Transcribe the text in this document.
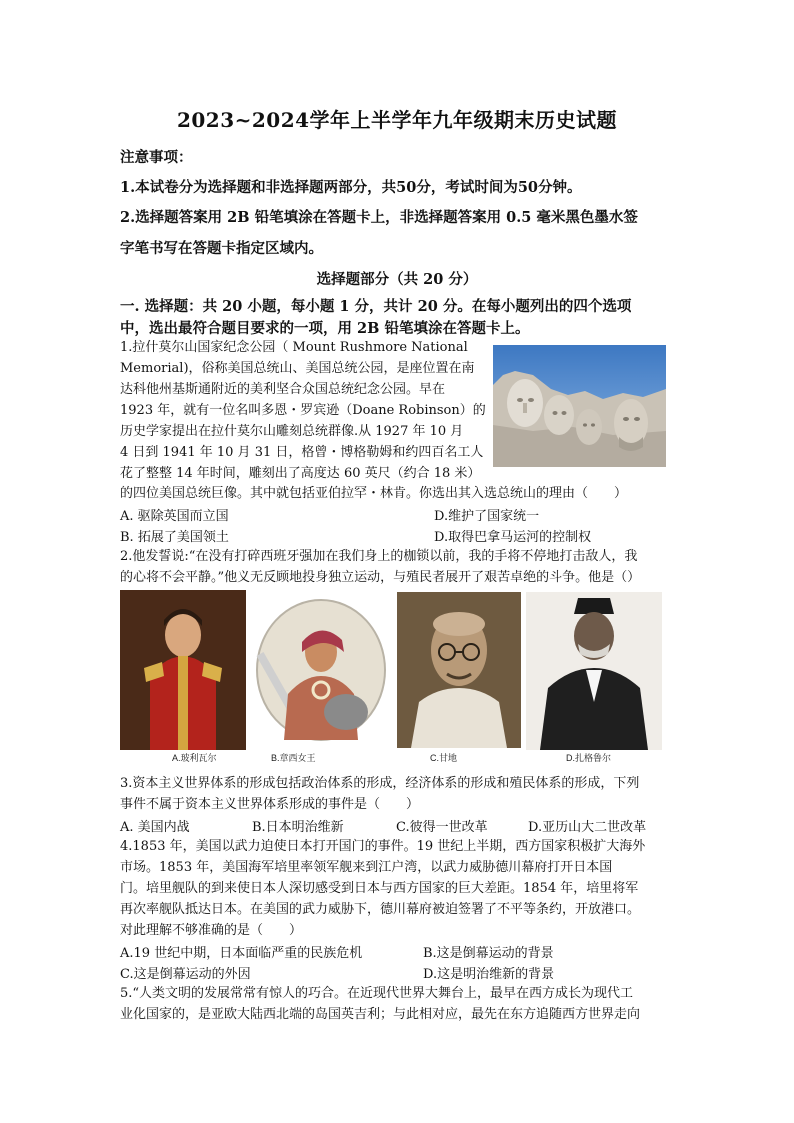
2023~2024学年上半学年九年级期末历史试题
注意事项：
1.本试卷分为选择题和非选择题两部分，共50分，考试时间为50分钟。
2.选择题答案用 2B 铅笔填涂在答题卡上，非选择题答案用 0.5 毫米黑色墨水签
字笔书写在答题卡指定区域内。
选择题部分（共 20 分）
一. 选择题：共 20 小题，每小题 1 分，共计 20 分。在每小题列出的四个选项
中，选出最符合题目要求的一项，用 2B 铅笔填涂在答题卡上。
1.拉什莫尔山国家纪念公园（ Mount Rushmore National
Memorial)，俗称美国总统山、美国总统公园，是座位置在南
达科他州基斯通附近的美利坚合众国总统纪念公园。早在
1923 年，就有一位名叫多恩・罗宾逊（Doane Robinson）的
历史学家提出在拉什莫尔山雕刻总统群像.从 1927 年 10 月
4 日到 1941 年 10 月 31 日，格曾・博格勒姆和约四百名工人
花了整整 14 年时间，雕刻出了高度达 60 英尺（约合 18 米）
的四位美国总统巨像。其中就包括亚伯拉罕・林肯。你选出其入选总统山的理由（　　）
A. 驱除英国而立国	D.维护了国家统一
B. 拓展了美国领土	D.取得巴拿马运河的控制权
2.他发誓说:“在没有打碎西班牙强加在我们身上的枷锁以前，我的手将不停地打击敌人，我
的心将不会平静。”他义无反顾地投身独立运动，与殖民者展开了艰苦卓绝的斗争。他是（）
A.玻利瓦尔	B.章西女王	C.甘地	D.扎格鲁尔
3.资本主义世界体系的形成包括政治体系的形成，经济体系的形成和殖民体系的形成，下列
事件不属于资本主义世界体系形成的事件是（　　）
A. 美国内战	B.日本明治维新	C.彼得一世改革	D.亚历山大二世改革
4.1853 年，美国以武力迫使日本打开国门的事件。19 世纪上半期，西方国家积极扩大海外
市场。1853 年，美国海军培里率领军舰来到江户湾，以武力威胁德川幕府打开日本国
门。培里舰队的到来使日本人深切感受到日本与西方国家的巨大差距。1854 年，培里将军
再次率舰队抵达日本。在美国的武力威胁下，德川幕府被迫签署了不平等条约，开放港口。
对此理解不够准确的是（　　）
A.19 世纪中期，日本面临严重的民族危机	B.这是倒幕运动的背景
C.这是倒幕运动的外因	D.这是明治维新的背景
5.“人类文明的发展常常有惊人的巧合。在近现代世界大舞台上，最早在西方成长为现代工
业化国家的，是亚欧大陆西北端的岛国英吉利；与此相对应，最先在东方追随西方世界走向
